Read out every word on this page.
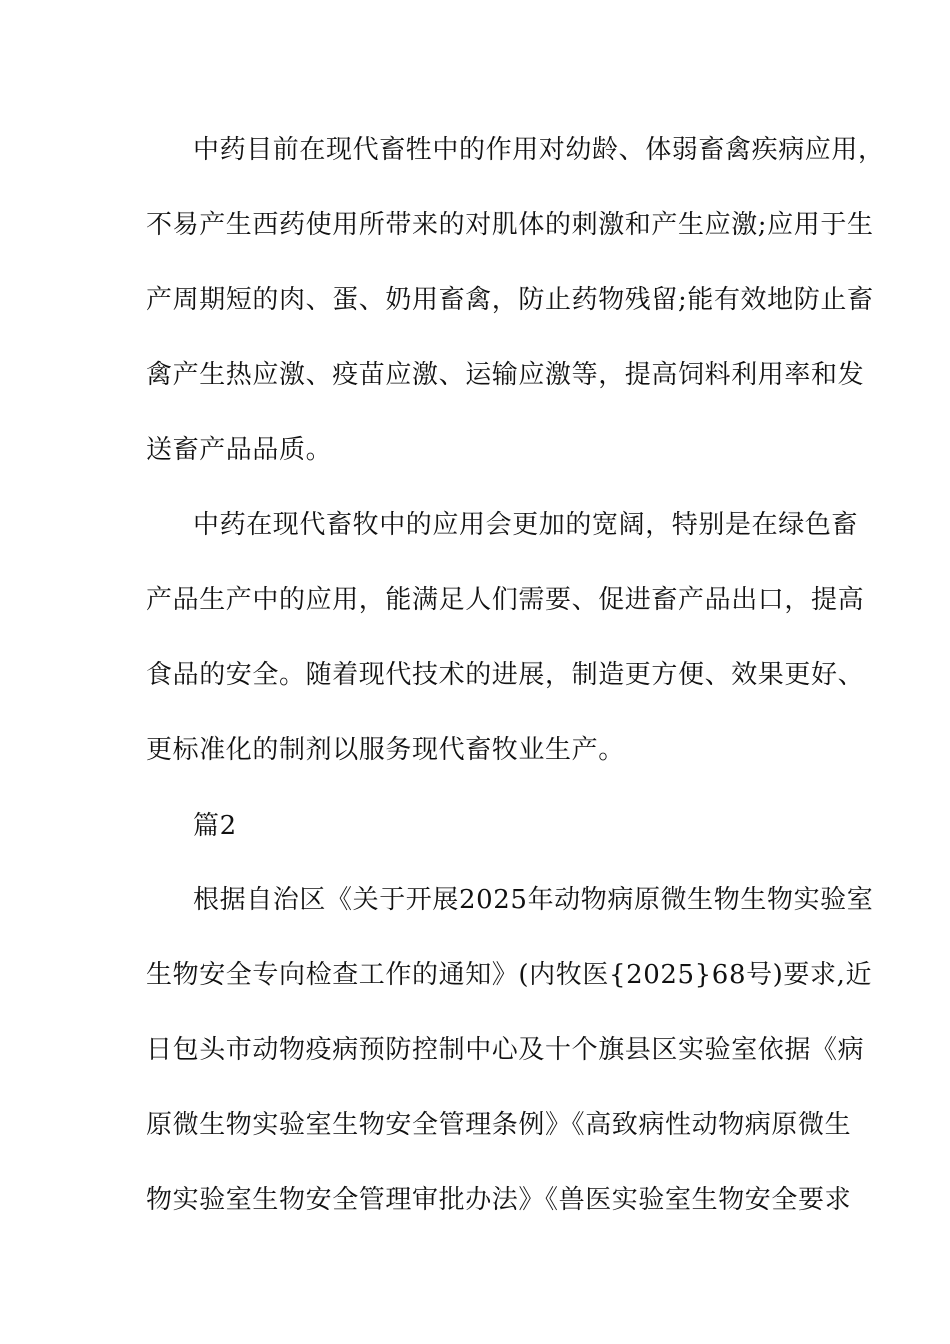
中药目前在现代畜牲中的作用对幼龄、体弱畜禽疾病应用，
不易产生西药使用所带来的对肌体的刺激和产生应激;应用于生
产周期短的肉、蛋、奶用畜禽，防止药物残留;能有效地防止畜
禽产生热应激、疫苗应激、运输应激等，提高饲料利用率和发
送畜产品品质。
中药在现代畜牧中的应用会更加的宽阔，特别是在绿色畜
产品生产中的应用，能满足人们需要、促进畜产品出口，提高
食品的安全。随着现代技术的进展，制造更方便、效果更好、
更标准化的制剂以服务现代畜牧业生产。
篇2
根据自治区《关于开展2025年动物病原微生物生物实验室
生物安全专向检查工作的通知》(内牧医{2025}68号)要求,近
日包头市动物疫病预防控制中心及十个旗县区实验室依据《病
原微生物实验室生物安全管理条例》《高致病性动物病原微生
物实验室生物安全管理审批办法》《兽医实验室生物安全要求
